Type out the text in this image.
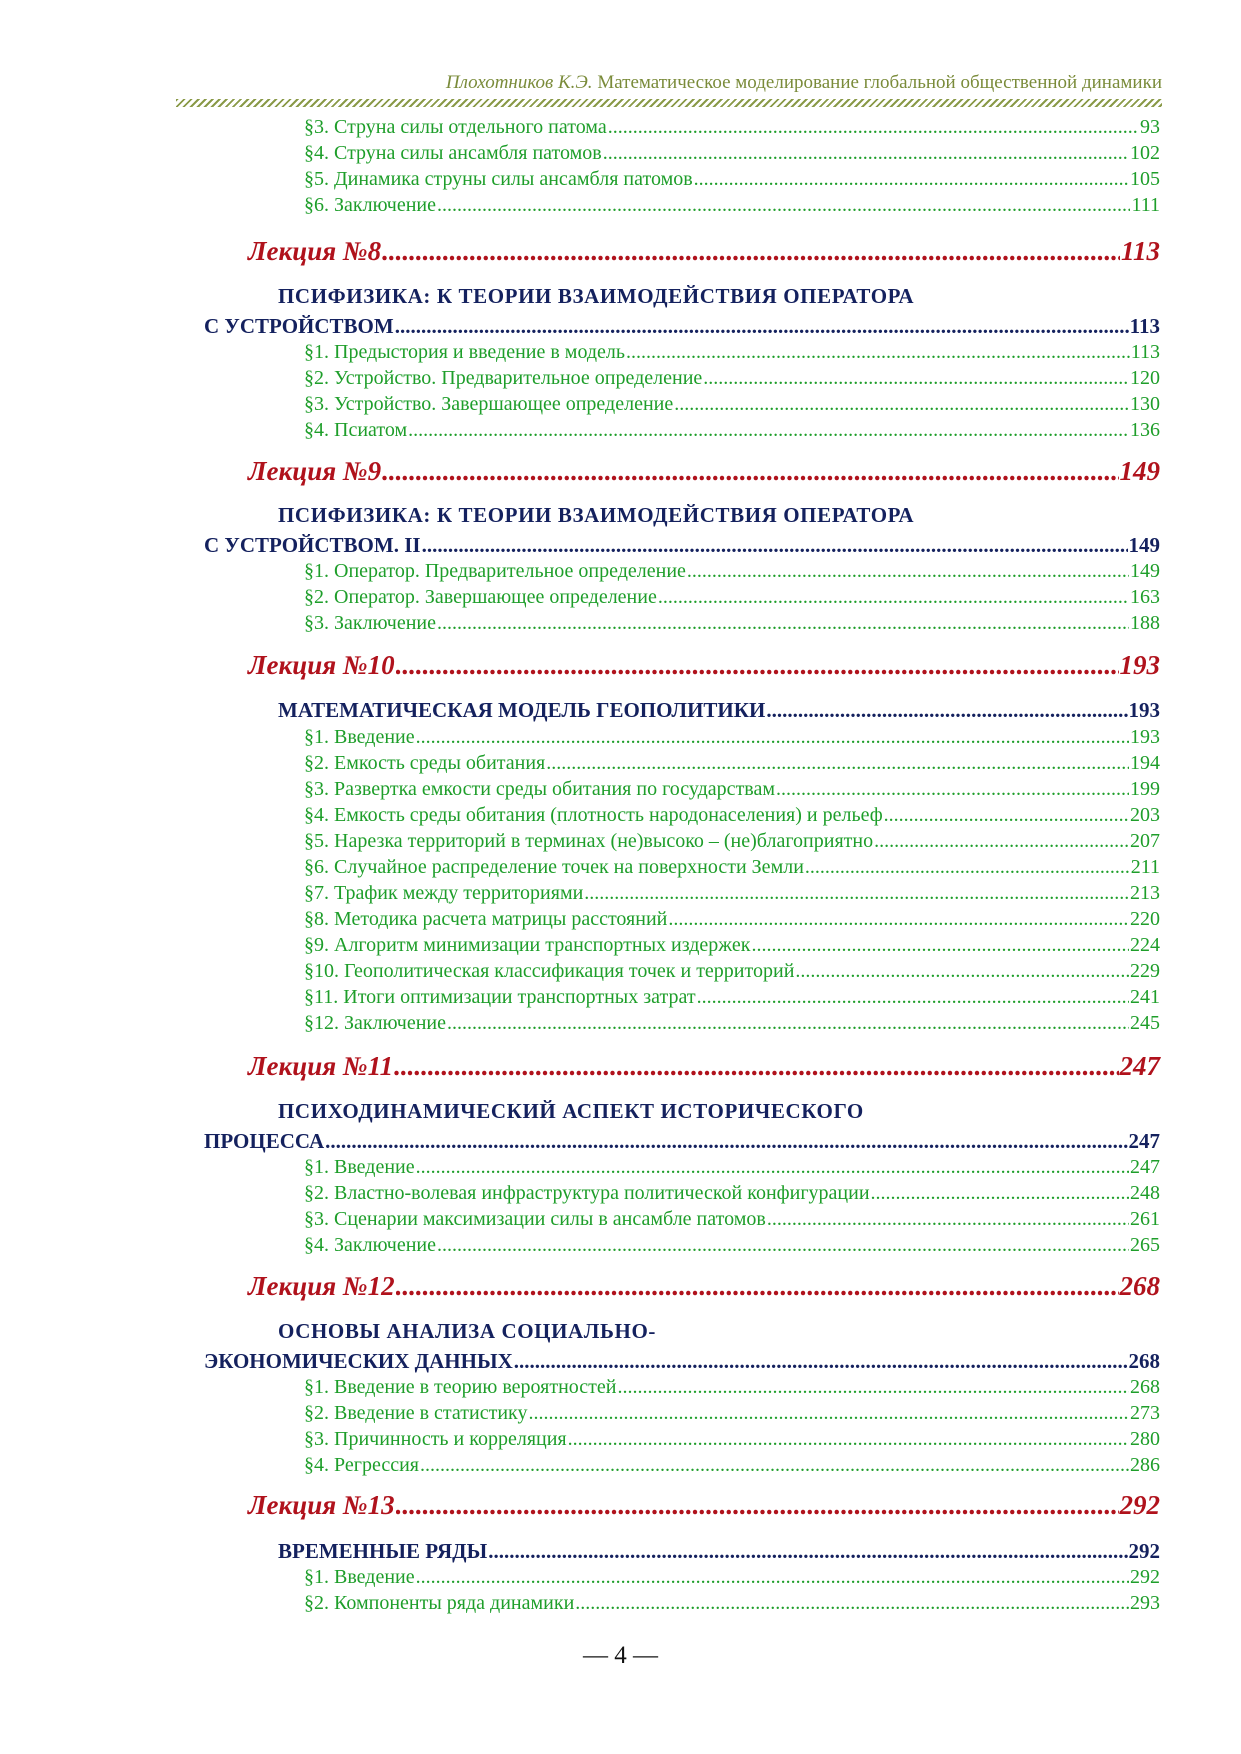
Плохотников К.Э. Математическое моделирование глобальной общественной динамики
§3. Струна силы отдельного патома .....	93
§4. Струна силы ансамбля патомов .....	102
§5. Динамика струны силы ансамбля патомов .....	105
§6. Заключение .....	111
Лекция №8 .....	113
ПСИФИЗИКА: К ТЕОРИИ ВЗАИМОДЕЙСТВИЯ ОПЕРАТОРА
С УСТРОЙСТВОМ .....	113
§1. Предыстория и введение в модель .....	113
§2. Устройство. Предварительное определение .....	120
§3. Устройство. Завершающее определение .....	130
§4. Псиатом .....	136
Лекция №9 .....	149
ПСИФИЗИКА: К ТЕОРИИ ВЗАИМОДЕЙСТВИЯ ОПЕРАТОРА
С УСТРОЙСТВОМ. II .....	149
§1. Оператор. Предварительное определение .....	149
§2. Оператор. Завершающее определение .....	163
§3. Заключение .....	188
Лекция №10 .....	193
МАТЕМАТИЧЕСКАЯ МОДЕЛЬ ГЕОПОЛИТИКИ .....	193
§1. Введение .....	193
§2. Емкость среды обитания .....	194
§3. Развертка емкости среды обитания по государствам .....	199
§4. Емкость среды обитания (плотность народонаселения) и рельеф .....	203
§5. Нарезка территорий в терминах (не)высоко – (не)благоприятно .....	207
§6. Случайное распределение точек на поверхности Земли .....	211
§7. Трафик между территориями .....	213
§8. Методика расчета матрицы расстояний .....	220
§9. Алгоритм минимизации транспортных издержек .....	224
§10. Геополитическая классификация точек и территорий .....	229
§11. Итоги оптимизации транспортных затрат .....	241
§12. Заключение .....	245
Лекция №11 .....	247
ПСИХОДИНАМИЧЕСКИЙ АСПЕКТ ИСТОРИЧЕСКОГО
ПРОЦЕССА .....	247
§1. Введение .....	247
§2. Властно-волевая инфраструктура политической конфигурации .....	248
§3. Сценарии максимизации силы в ансамбле патомов .....	261
§4. Заключение .....	265
Лекция №12 .....	268
ОСНОВЫ АНАЛИЗА СОЦИАЛЬНО-
ЭКОНОМИЧЕСКИХ ДАННЫХ .....	268
§1. Введение в теорию вероятностей .....	268
§2. Введение в статистику .....	273
§3. Причинность и корреляция .....	280
§4. Регрессия .....	286
Лекция №13 .....	292
ВРЕМЕННЫЕ РЯДЫ .....	292
§1. Введение .....	292
§2. Компоненты ряда динамики .....	293
— 4 —
